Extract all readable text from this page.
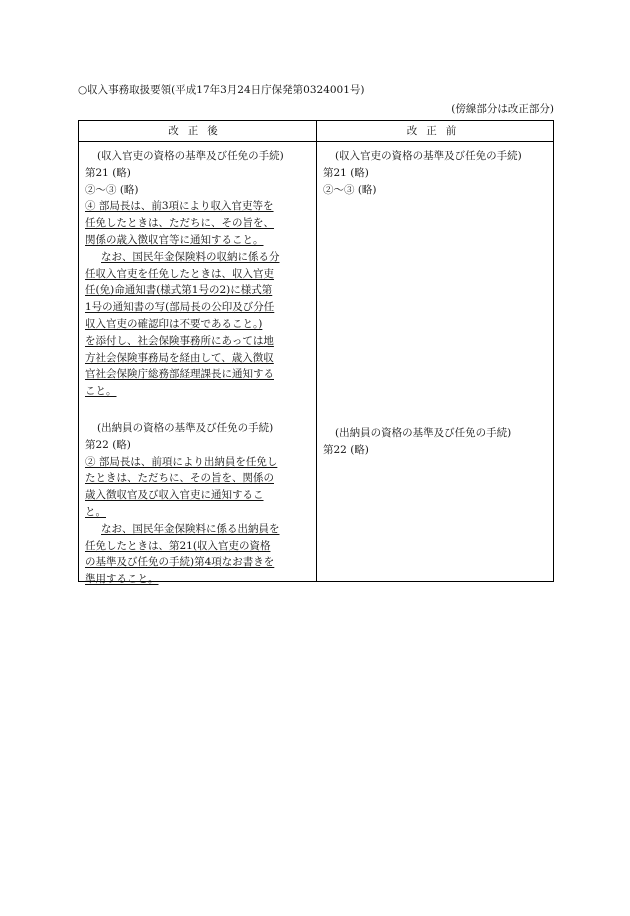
○収入事務取扱要領(平成17年3月24日庁保発第0324001号)
(傍線部分は改正部分)
改正後	改正前
(収入官吏の資格の基準及び任免の手続)
第21 (略)
②～③ (略)
④ 部局長は、前3項により収入官吏等を
任免したときは、ただちに、その旨を、
関係の歳入徴収官等に通知すること。
なお、国民年金保険料の収納に係る分
任収入官吏を任免したときは、収入官吏
任(免)命通知書(様式第1号の2)に様式第
1号の通知書の写(部局長の公印及び分任
収入官吏の確認印は不要であること。)
を添付し、社会保険事務所にあっては地
方社会保険事務局を経由して、歳入徴収
官社会保険庁総務部経理課長に通知する
こと。
(出納員の資格の基準及び任免の手続)
第22 (略)
② 部局長は、前項により出納員を任免し
たときは、ただちに、その旨を、関係の
歳入徴収官及び収入官吏に通知するこ
と。
なお、国民年金保険料に係る出納員を
任免したときは、第21(収入官吏の資格
の基準及び任免の手続)第4項なお書きを
準用すること。
(収入官吏の資格の基準及び任免の手続)
第21 (略)
②～③ (略)
(出納員の資格の基準及び任免の手続)
第22 (略)
